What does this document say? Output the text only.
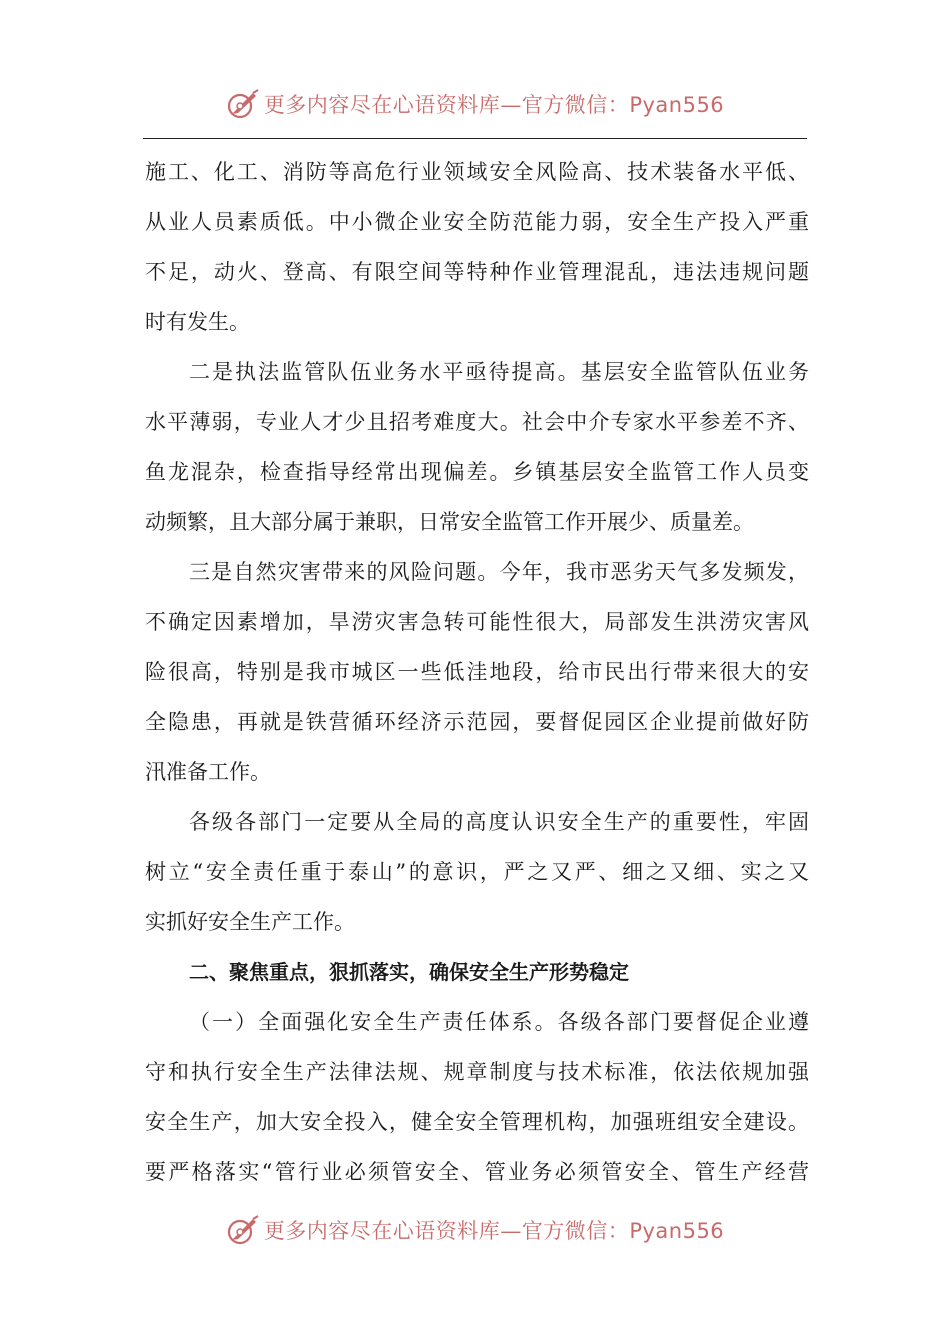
更多内容尽在心语资料库—官方微信：Pyan556
施工、化工、消防等高危行业领域安全风险高、技术装备水平低、
从业人员素质低。中小微企业安全防范能力弱，安全生产投入严重
不足，动火、登高、有限空间等特种作业管理混乱，违法违规问题
时有发生。
二是执法监管队伍业务水平亟待提高。基层安全监管队伍业务
水平薄弱，专业人才少且招考难度大。社会中介专家水平参差不齐、
鱼龙混杂，检查指导经常出现偏差。乡镇基层安全监管工作人员变
动频繁，且大部分属于兼职，日常安全监管工作开展少、质量差。
三是自然灾害带来的风险问题。今年，我市恶劣天气多发频发，
不确定因素增加，旱涝灾害急转可能性很大，局部发生洪涝灾害风
险很高，特别是我市城区一些低洼地段，给市民出行带来很大的安
全隐患，再就是铁营循环经济示范园，要督促园区企业提前做好防
汛准备工作。
各级各部门一定要从全局的高度认识安全生产的重要性，牢固
树立“安全责任重于泰山”的意识，严之又严、细之又细、实之又
实抓好安全生产工作。
二、聚焦重点，狠抓落实，确保安全生产形势稳定
（一）全面强化安全生产责任体系。各级各部门要督促企业遵
守和执行安全生产法律法规、规章制度与技术标准，依法依规加强
安全生产，加大安全投入，健全安全管理机构，加强班组安全建设。
要严格落实“管行业必须管安全、管业务必须管安全、管生产经营
更多内容尽在心语资料库—官方微信：Pyan556
